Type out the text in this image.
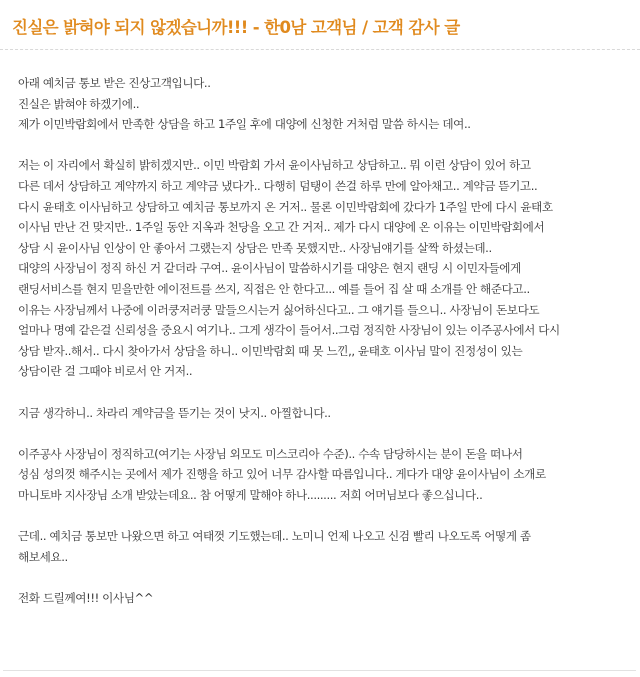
진실은 밝혀야 되지 않겠습니까!!! - 한0남 고객님 / 고객 감사 글
아래 예치금 통보 받은 진상고객입니다..
진실은 밝혀야 하겠기에..
제가 이민박람회에서 만족한 상담을 하고 1주일 후에 대양에 신청한 거처럼 말씀 하시는 데여..
저는 이 자리에서 확실히 밝히겠지만.. 이민 박람회 가서 윤이사님하고 상담하고.. 뭐 이런 상담이 있어 하고
다른 데서 상담하고 계약까지 하고 계약금 냈다가.. 다행히 덤탱이 쓴걸 하루 만에 알아채고.. 계약금 뜯기고..
다시 윤태호 이사님하고 상담하고 예치금 통보까지 온 거저.. 물론 이민박람회에 갔다가 1주일 만에 다시 윤태호
이사님 만난 건 맞지만.. 1주일 동안 지옥과 천당을 오고 간 거저.. 제가 다시 대양에 온 이유는 이민박람회에서
상담 시 윤이사님 인상이 안 좋아서 그랬는지 상담은 만족 못했지만.. 사장님얘기를 살짝 하셨는데..
대양의 사장님이 정직 하신 거 같더라 구여.. 윤이사님이 말씀하시기를 대양은 현지 랜딩 시 이민자들에게
랜딩서비스를 현지 믿을만한 에이전트를 쓰지, 직접은 안 한다고... 예를 들어 집 살 때 소개를 안 해준다고..
이유는 사장님께서 나중에 이러쿵저러쿵 말들으시는거 싫어하신다고.. 그 얘기를 들으니.. 사장님이 돈보다도
얼마나 명예 같은걸 신뢰성을 중요시 여기나.. 그게 생각이 들어서..그럼 정직한 사장님이 있는 이주공사에서 다시
상담 받자..해서.. 다시 찾아가서 상담을 하니.. 이민박람회 때 못 느낀,, 윤태호 이사님 말이 진정성이 있는
상담이란 걸 그때야 비로서 안 거저..
지금 생각하니.. 차라리 계약금을 뜯기는 것이 낫지.. 아찔합니다..
이주공사 사장님이 정직하고(여기는 사장님 외모도 미스코리아 수준).. 수속 담당하시는 분이 돈을 떠나서
성심 성의껏 해주시는 곳에서 제가 진행을 하고 있어 너무 감사할 따름입니다.. 게다가 대양 윤이사님이 소개로
마니토바 지사장님 소개 받았는데요.. 참 어떻게 말해야 하나......... 저희 어머님보다 좋으십니다..
근데.. 예치금 통보만 나왔으면 하고 여태껏 기도했는데.. 노미니 언제 나오고 신검 빨리 나오도록 어떻게 좀
해보세요..
전화 드릴께여!!! 이사님^^
